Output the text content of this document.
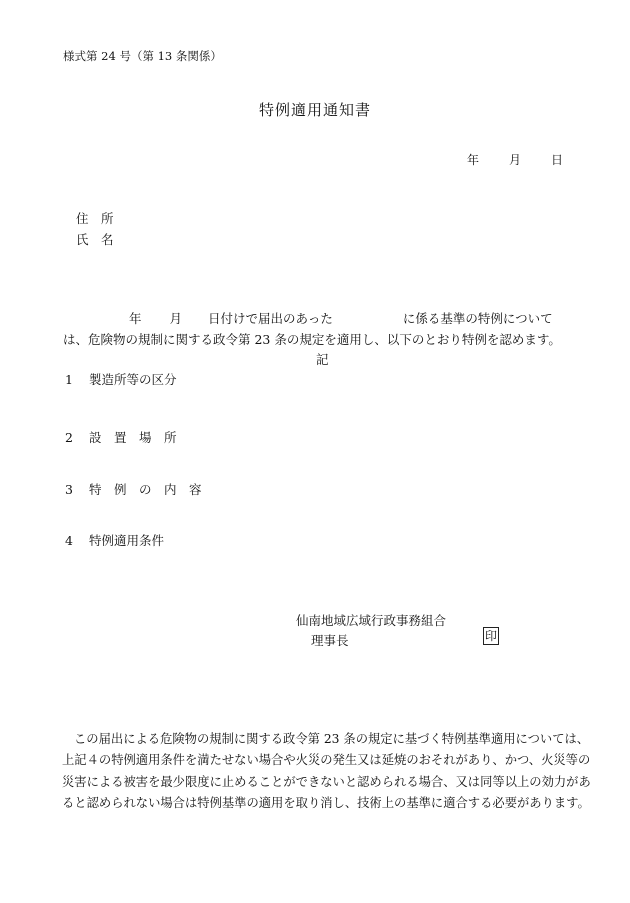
様式第 24 号（第 13 条関係）
特例適用通知書
年	月	日
住　所
氏　名
年 月 日付けで届出のあった	に係る基準の特例について
は、危険物の規制に関する政令第 23 条の規定を適用し、以下のとおり特例を認めます。
記
1 製造所等の区分
2 設　置　場　所
3 特　例　の　内　容
4 特例適用条件
仙南地域広域行政事務組合
理事長	印
この届出による危険物の規制に関する政令第 23 条の規定に基づく特例基準適用については、上記４の特例適用条件を満たせない場合や火災の発生又は延焼のおそれがあり、かつ、火災等の災害による被害を最少限度に止めることができないと認められる場合、又は同等以上の効力があると認められない場合は特例基準の適用を取り消し、技術上の基準に適合する必要があります。
